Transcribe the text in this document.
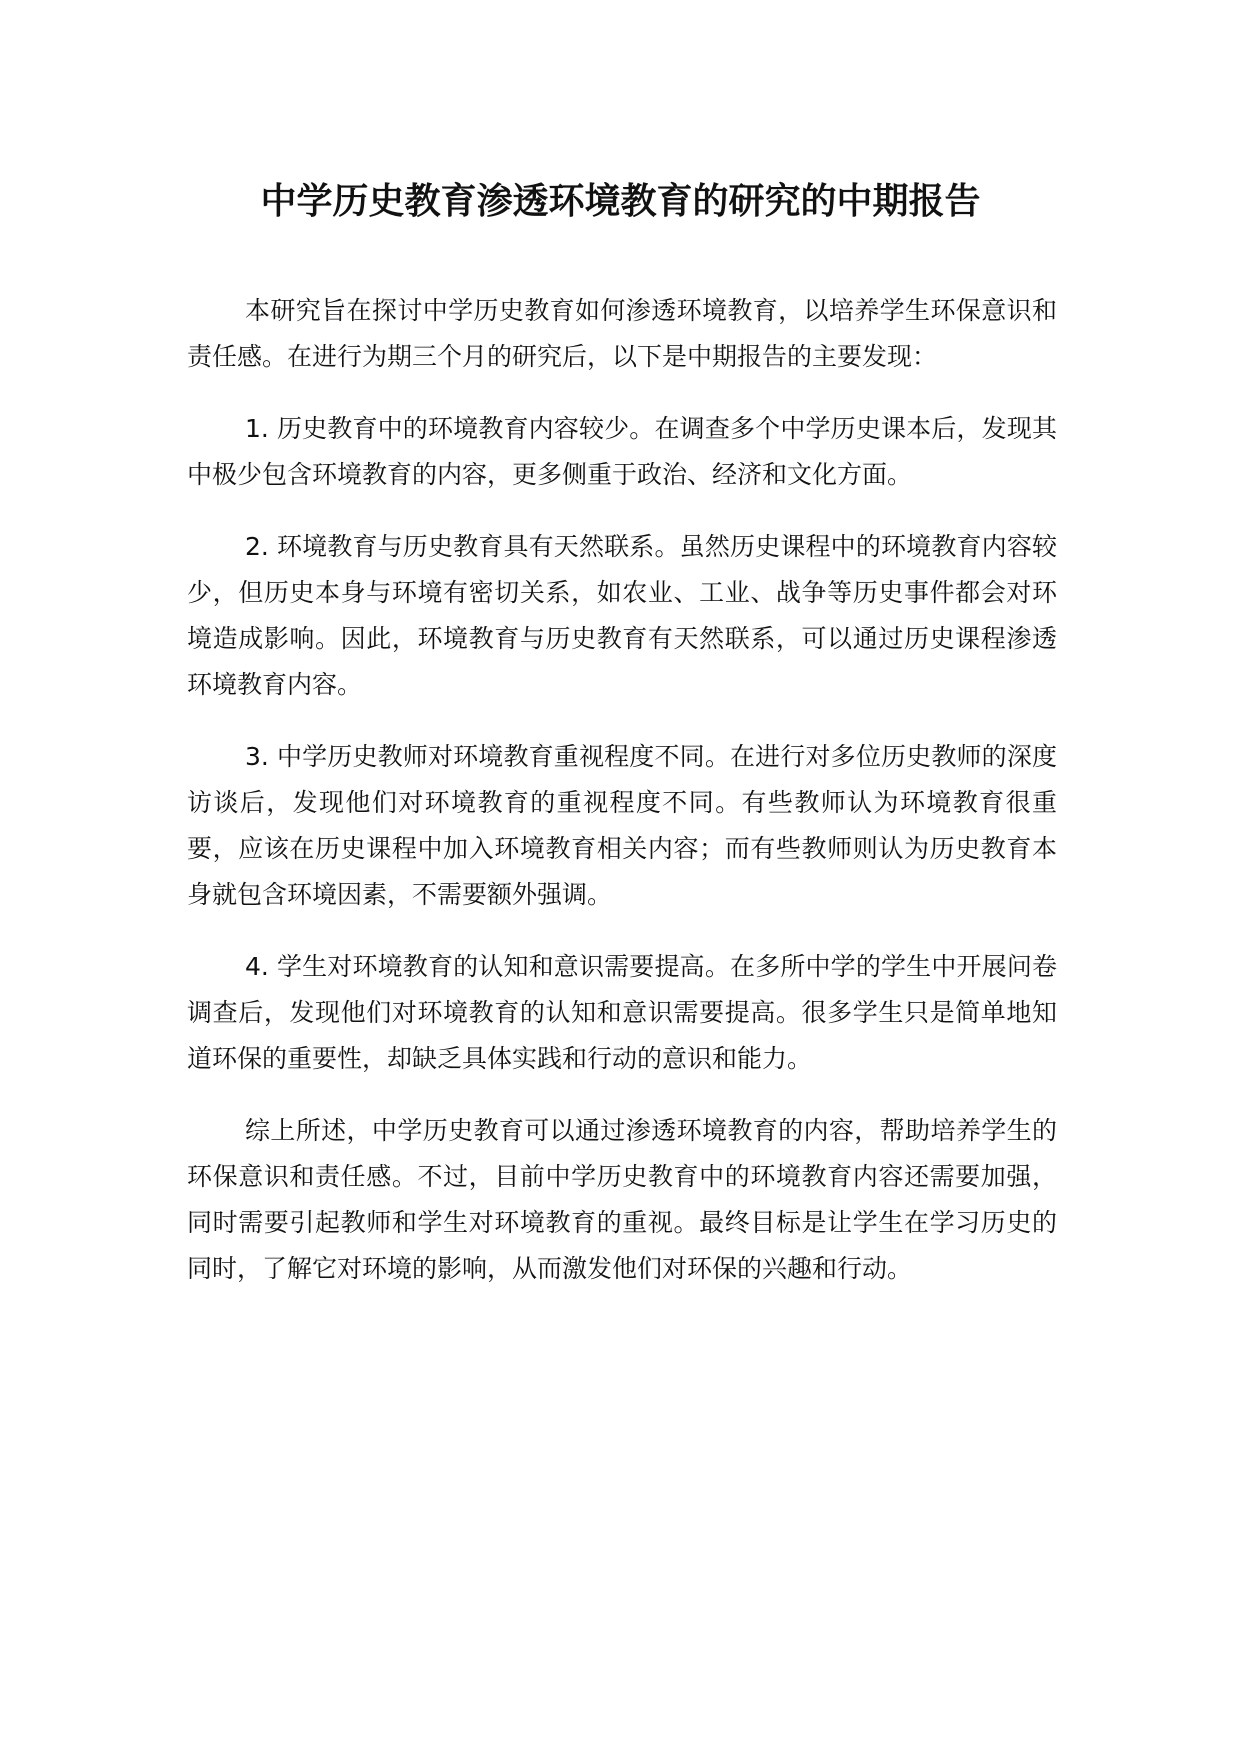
中学历史教育渗透环境教育的研究的中期报告

本研究旨在探讨中学历史教育如何渗透环境教育，以培养学生环保意识和责任感。在进行为期三个月的研究后，以下是中期报告的主要发现：

1. 历史教育中的环境教育内容较少。在调查多个中学历史课本后，发现其中极少包含环境教育的内容，更多侧重于政治、经济和文化方面。

2. 环境教育与历史教育具有天然联系。虽然历史课程中的环境教育内容较少，但历史本身与环境有密切关系，如农业、工业、战争等历史事件都会对环境造成影响。因此，环境教育与历史教育有天然联系，可以通过历史课程渗透环境教育内容。

3. 中学历史教师对环境教育重视程度不同。在进行对多位历史教师的深度访谈后，发现他们对环境教育的重视程度不同。有些教师认为环境教育很重要，应该在历史课程中加入环境教育相关内容；而有些教师则认为历史教育本身就包含环境因素，不需要额外强调。

4. 学生对环境教育的认知和意识需要提高。在多所中学的学生中开展问卷调查后，发现他们对环境教育的认知和意识需要提高。很多学生只是简单地知道环保的重要性，却缺乏具体实践和行动的意识和能力。

综上所述，中学历史教育可以通过渗透环境教育的内容，帮助培养学生的环保意识和责任感。不过，目前中学历史教育中的环境教育内容还需要加强，同时需要引起教师和学生对环境教育的重视。最终目标是让学生在学习历史的同时，了解它对环境的影响，从而激发他们对环保的兴趣和行动。
